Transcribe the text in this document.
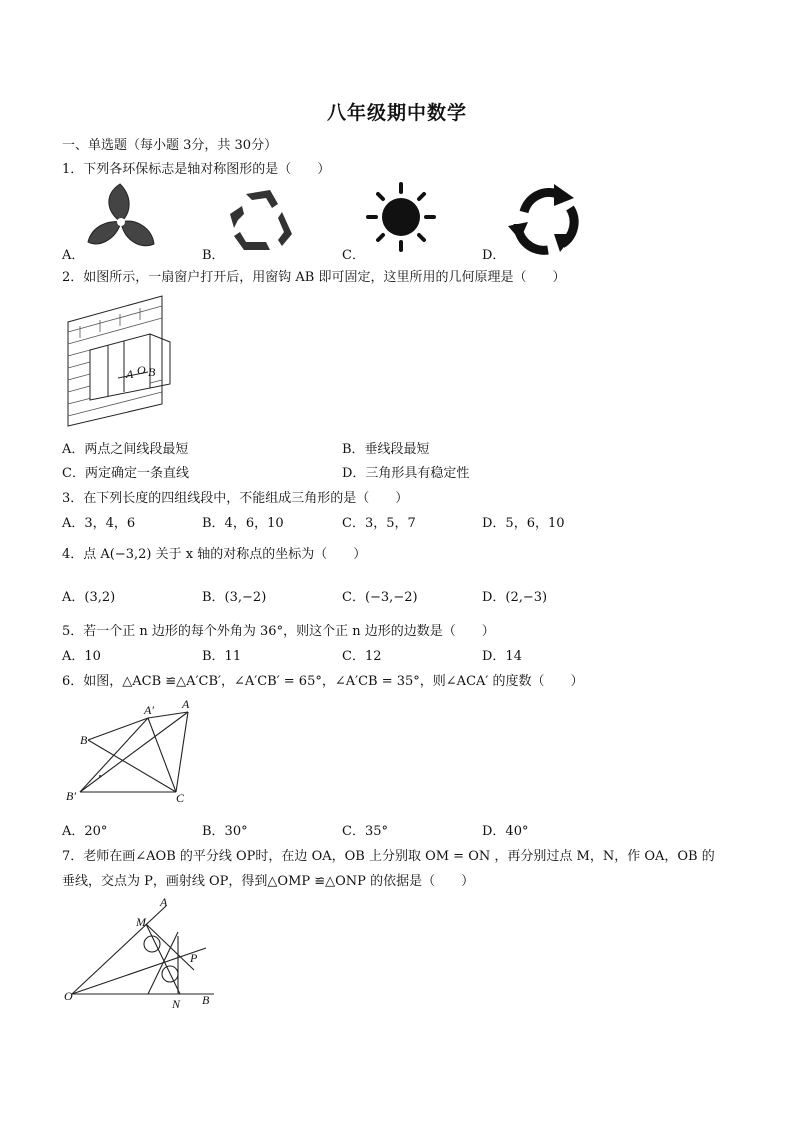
八年级期中数学
一、单选题（每小题 3分，共 30分）
1．下列各环保标志是轴对称图形的是（　　）
A．	B．	C．	D．
2．如图所示，一扇窗户打开后，用窗钩 AB 即可固定，这里所用的几何原理是（　　）
A O B
A．两点之间线段最短	B．垂线段最短
C．两定确定一条直线	D．三角形具有稳定性
3．在下列长度的四组线段中，不能组成三角形的是（　　）
A．3，4，6	B．4，6，10	C．3，5，7	D．5，6，10
4．点 A(−3,2) 关于 x 轴的对称点的坐标为（　　）
A．(3,2)	B．(3,−2)	C．(−3,−2)	D．(2,−3)
5．若一个正 n 边形的每个外角为 36°，则这个正 n 边形的边数是（　　）
A．10	B．11	C．12	D．14
6．如图，△ACB ≌△A′CB′，∠A′CB′ = 65°，∠A′CB = 35°，则∠ACA′ 的度数（　　）
A′ A
B
B′	C
A．20°	B．30°	C．35°	D．40°
7．老师在画∠AOB 的平分线 OP时，在边 OA，OB 上分别取 OM = ON ，再分别过点 M，N，作 OA，OB 的
垂线，交点为 P，画射线 OP，得到△OMP ≌△ONP 的依据是（　　）
A
M
P
O
N B
